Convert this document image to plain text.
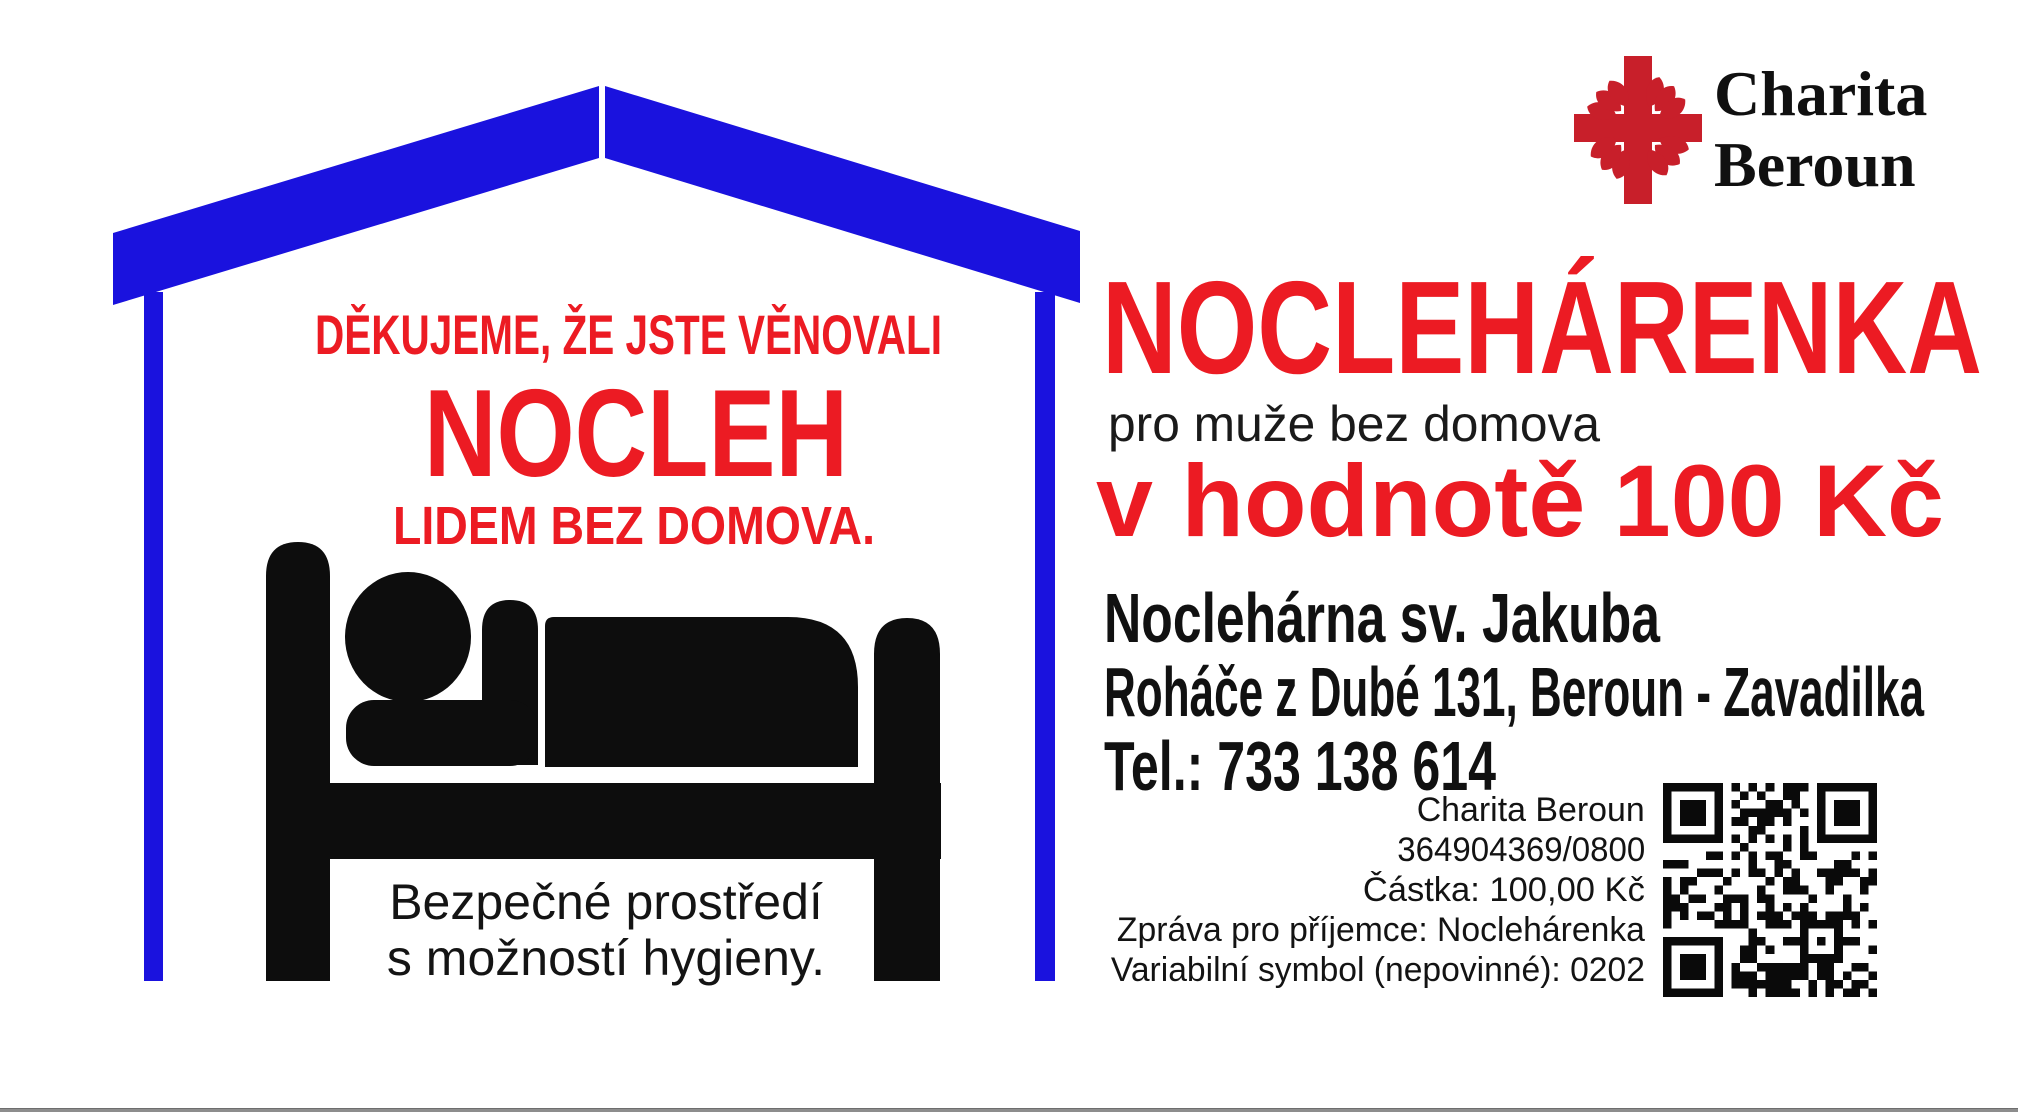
DĚKUJEME, ŽE JSTE VĚNOVALI
NOCLEH
LIDEM BEZ DOMOVA.
Bezpečné prostředí
s možností hygieny.
NOCLEHÁRENKA
pro muže bez domova
v hodnotě 100 Kč
Noclehárna sv. Jakuba
Roháče z Dubé 131, Beroun - Zavadilka
Tel.: 733 138 614
Charita Beroun
364904369/0800
Částka: 100,00 Kč
Zpráva pro příjemce: Noclehárenka
Variabilní symbol (nepovinné): 0202
Charita
Beroun
